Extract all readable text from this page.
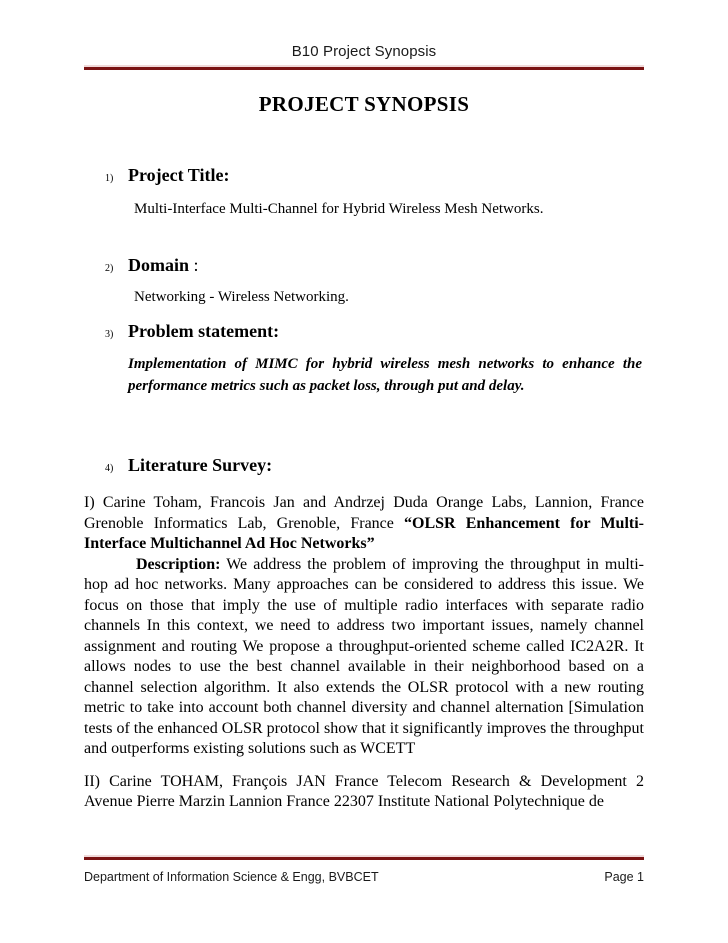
B10 Project Synopsis
PROJECT SYNOPSIS
1) Project Title:
Multi-Interface Multi-Channel for Hybrid Wireless Mesh Networks.
2) Domain :
Networking - Wireless Networking.
3) Problem statement:
Implementation of MIMC for hybrid wireless mesh networks to enhance the performance metrics such as packet loss, through put and delay.
4) Literature Survey:
I) Carine Toham, Francois Jan and Andrzej Duda Orange Labs, Lannion, France Grenoble Informatics Lab, Grenoble, France “OLSR Enhancement for Multi-Interface Multichannel Ad Hoc Networks”
Description: We address the problem of improving the throughput in multi-hop ad hoc networks. Many approaches can be considered to address this issue. We focus on those that imply the use of multiple radio interfaces with separate radio channels In this context, we need to address two important issues, namely channel assignment and routing We propose a throughput-oriented scheme called IC2A2R. It allows nodes to use the best channel available in their neighborhood based on a channel selection algorithm. It also extends the OLSR protocol with a new routing metric to take into account both channel diversity and channel alternation [Simulation tests of the enhanced OLSR protocol show that it significantly improves the throughput and outperforms existing solutions such as WCETT
II) Carine TOHAM, François JAN France Telecom Research & Development 2 Avenue Pierre Marzin Lannion France 22307 Institute National Polytechnique de
Department of Information Science & Engg, BVBCET	Page 1
